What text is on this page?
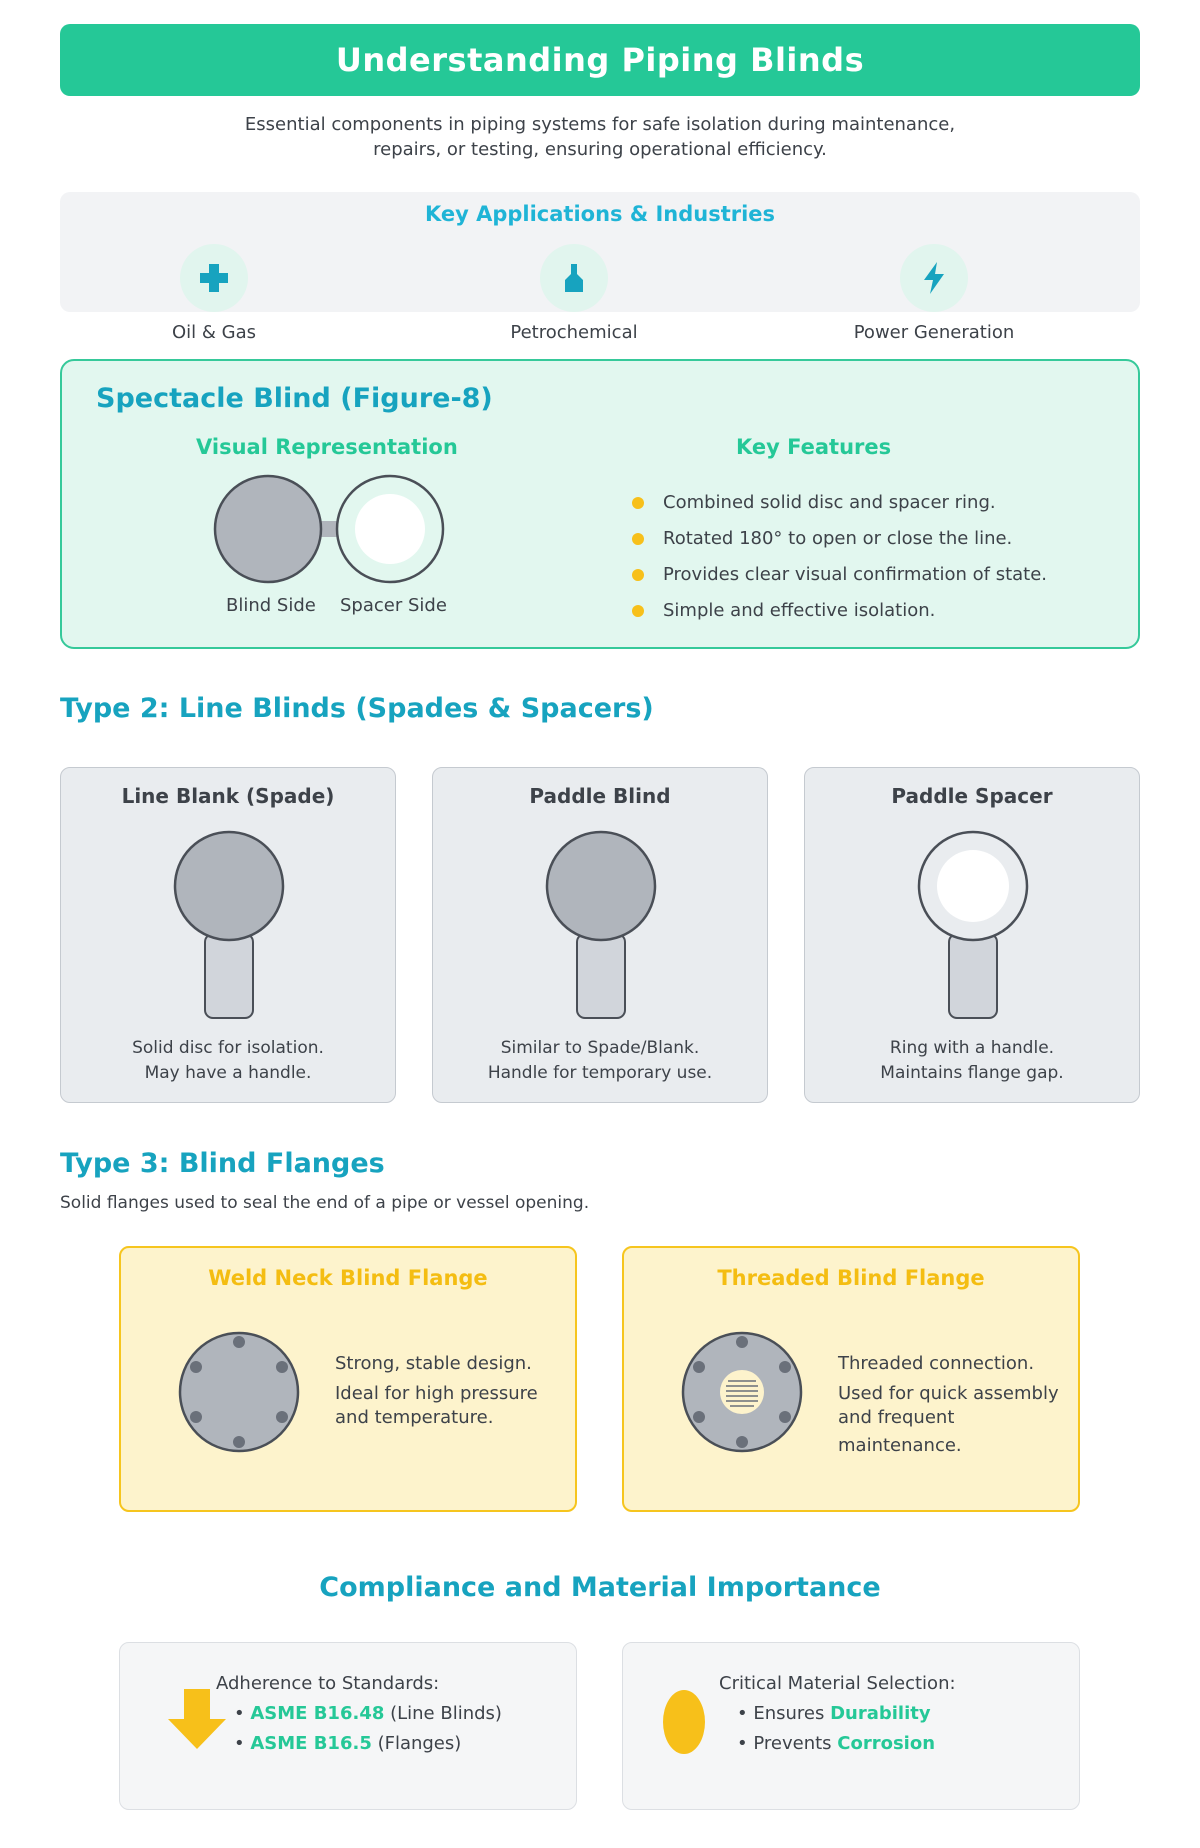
Understanding Piping Blinds
Essential components in piping systems for safe isolation during maintenance,
repairs, or testing, ensuring operational efficiency.
Key Applications & Industries
Oil & Gas	Petrochemical	Power Generation
Spectacle Blind (Figure-8)
Visual Representation	Key Features
Blind Side Spacer Side
Combined solid disc and spacer ring.
Rotated 180° to open or close the line.
Provides clear visual confirmation of state.
Simple and effective isolation.
Type 2: Line Blinds (Spades & Spacers)
Line Blank (Spade)
Solid disc for isolation.
May have a handle.
Paddle Blind
Similar to Spade/Blank.
Handle for temporary use.
Paddle Spacer
Ring with a handle.
Maintains flange gap.
Type 3: Blind Flanges
Solid flanges used to seal the end of a pipe or vessel opening.
Weld Neck Blind Flange
Strong, stable design.
Ideal for high pressure
and temperature.
Threaded Blind Flange
Threaded connection.
Used for quick assembly
and frequent maintenance.
Compliance and Material Importance
Adherence to Standards:
• ASME B16.48 (Line Blinds)
• ASME B16.5 (Flanges)
Critical Material Selection:
• Ensures Durability
• Prevents Corrosion
